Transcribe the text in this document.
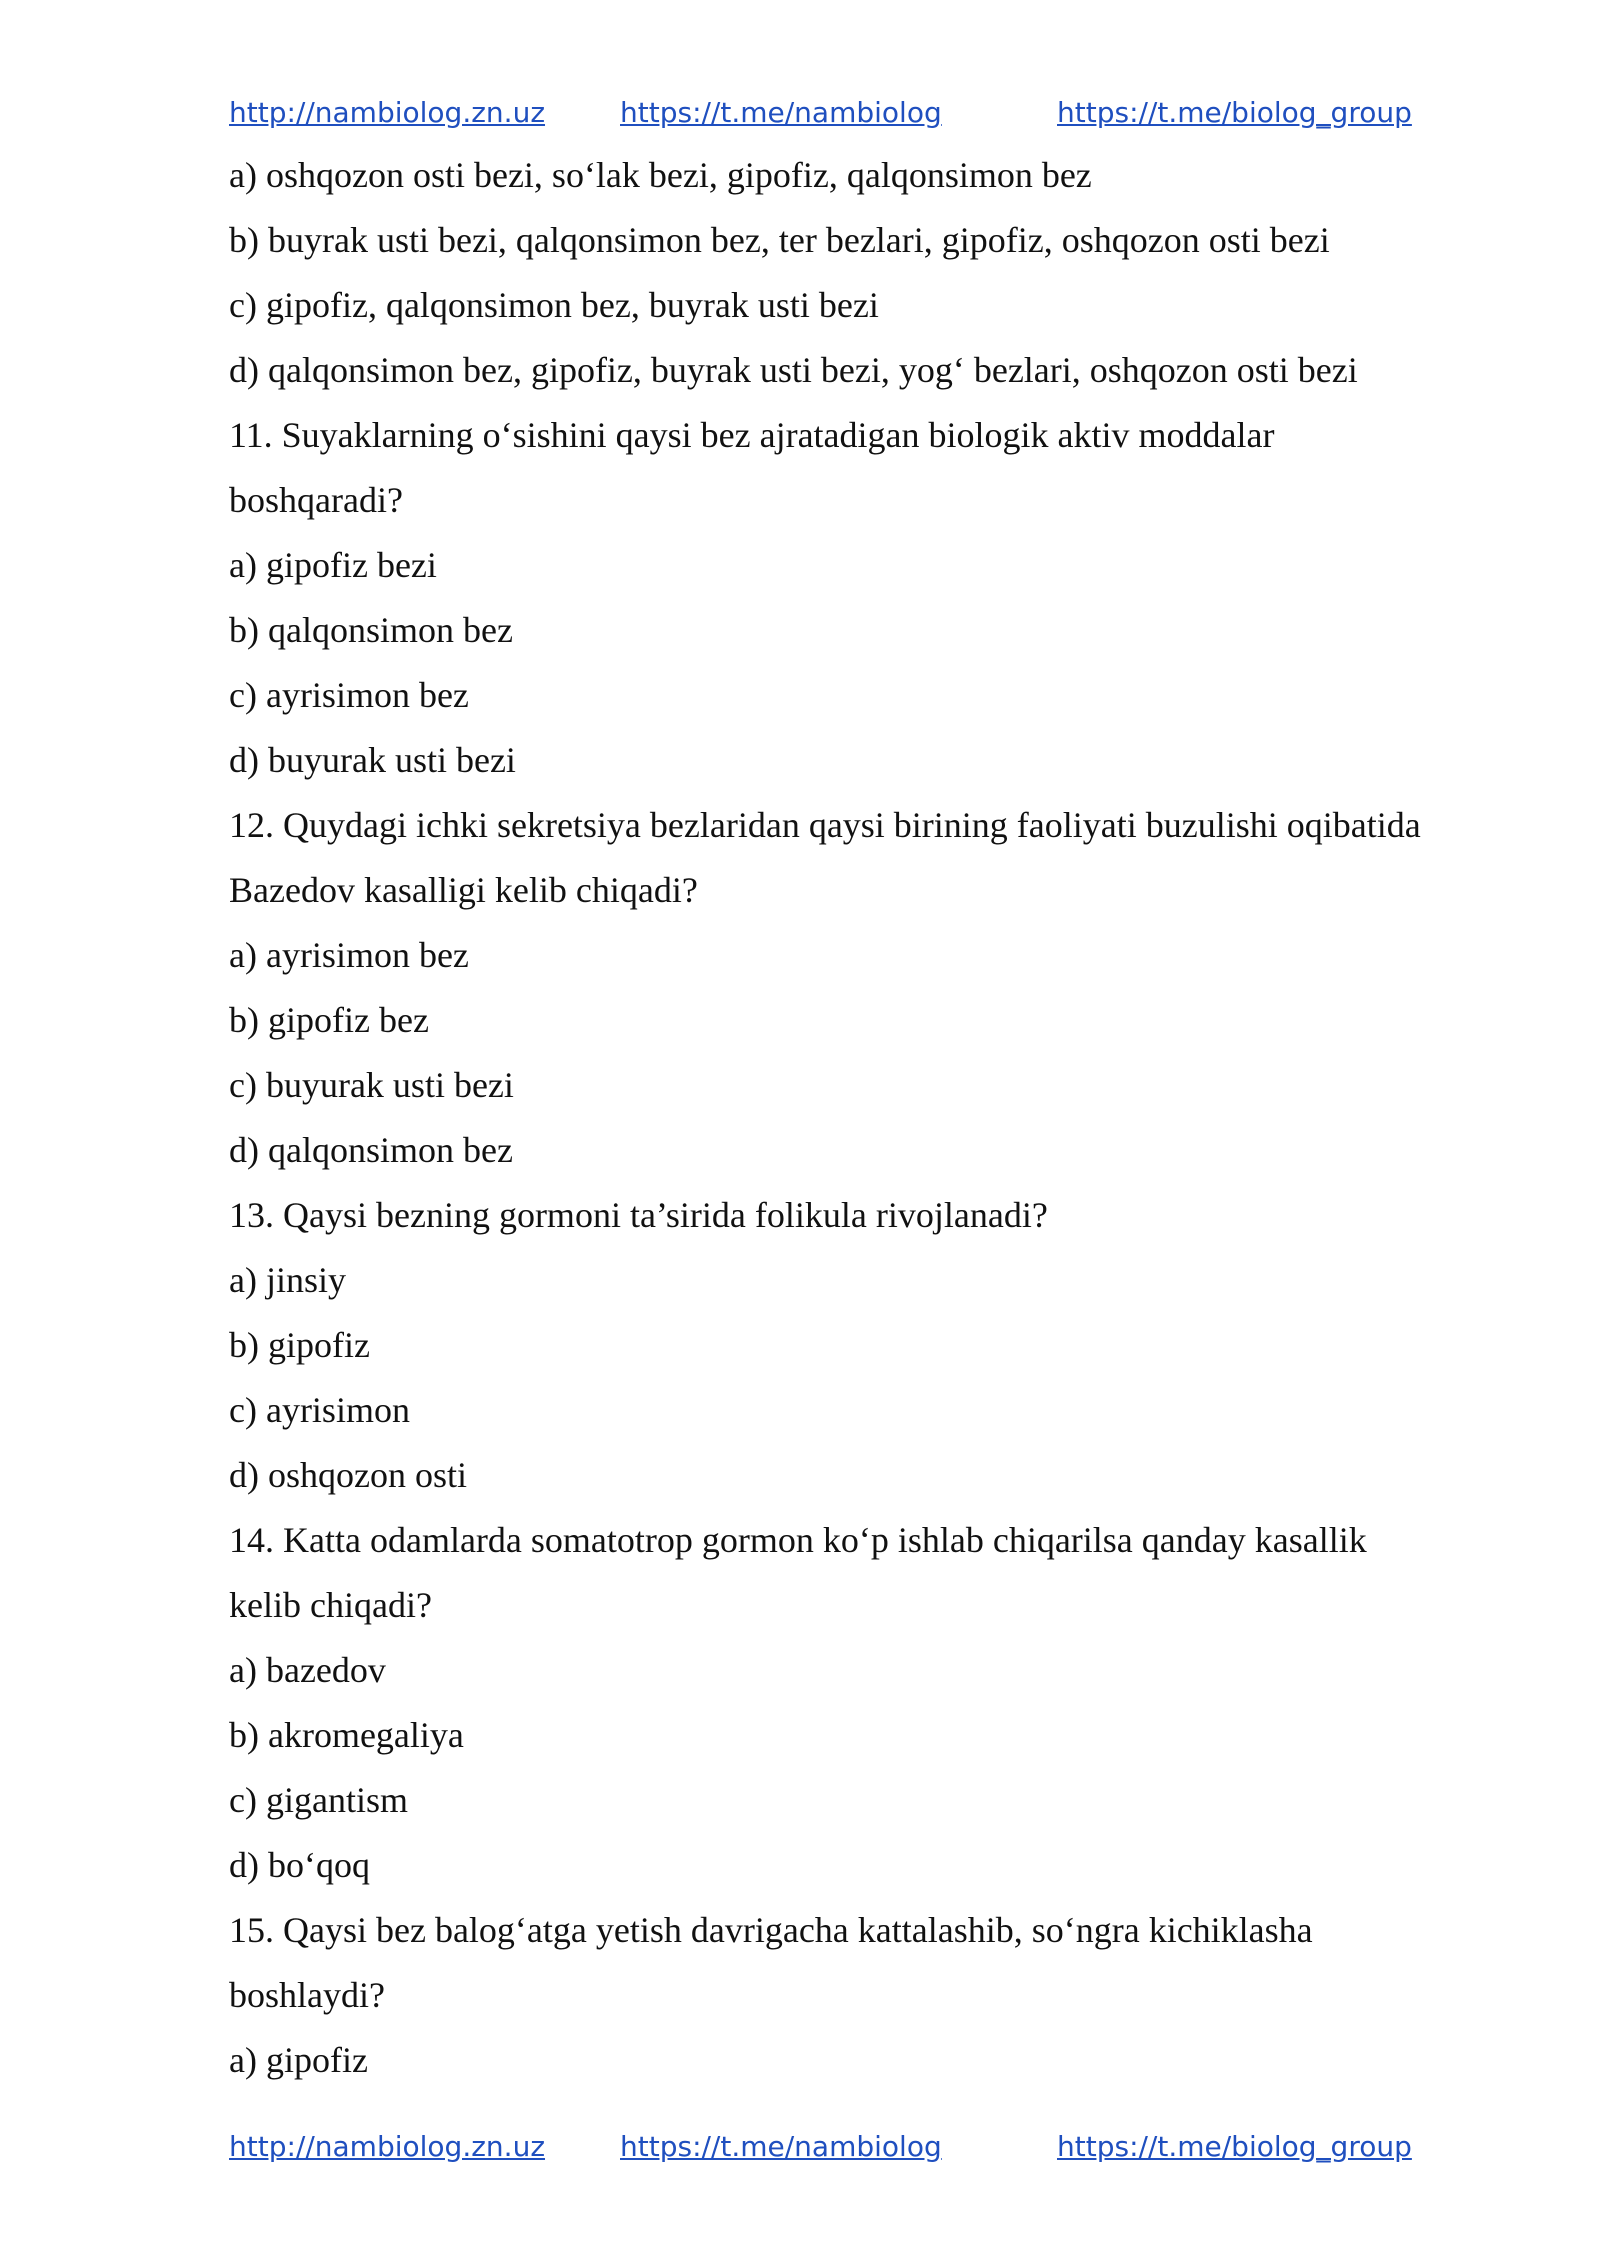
http://nambiolog.zn.uz	https://t.me/nambiolog	https://t.me/biolog_group
a) oshqozon osti bezi, so‘lak bezi, gipofiz, qalqonsimon bez
b) buyrak usti bezi, qalqonsimon bez, ter bezlari, gipofiz, oshqozon osti bezi
c) gipofiz, qalqonsimon bez, buyrak usti bezi
d) qalqonsimon bez, gipofiz, buyrak usti bezi, yog‘ bezlari, oshqozon osti bezi
11. Suyaklarning o‘sishini qaysi bez ajratadigan biologik aktiv moddalar
boshqaradi?
a) gipofiz bezi
b) qalqonsimon bez
c) ayrisimon bez
d) buyurak usti bezi
12. Quydagi ichki sekretsiya bezlaridan qaysi birining faoliyati buzulishi oqibatida
Bazedov kasalligi kelib chiqadi?
a) ayrisimon bez
b) gipofiz bez
c) buyurak usti bezi
d) qalqonsimon bez
13. Qaysi bezning gormoni ta’sirida folikula rivojlanadi?
a) jinsiy
b) gipofiz
c) ayrisimon
d) oshqozon osti
14. Katta odamlarda somatotrop gormon ko‘p ishlab chiqarilsa qanday kasallik
kelib chiqadi?
a) bazedov
b) akromegaliya
c) gigantism
d) bo‘qoq
15. Qaysi bez balog‘atga yetish davrigacha kattalashib, so‘ngra kichiklasha
boshlaydi?
a) gipofiz
http://nambiolog.zn.uz	https://t.me/nambiolog	https://t.me/biolog_group
